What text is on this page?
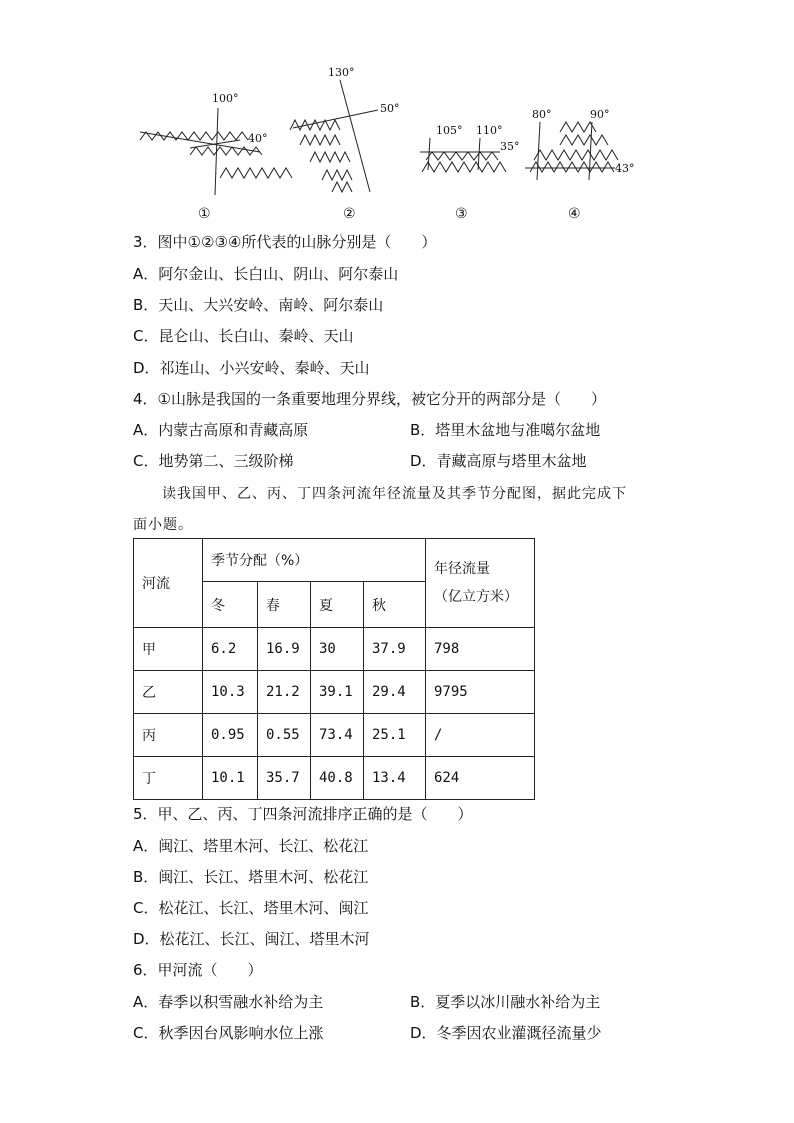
100°
40°
130°
50°
105° 110°
35°
80°	90°
43°
①	②	③	④
3．图中①②③④所代表的山脉分别是（　　）
A．阿尔金山、长白山、阴山、阿尔泰山
B．天山、大兴安岭、南岭、阿尔泰山
C．昆仑山、长白山、秦岭、天山
D．祁连山、小兴安岭、秦岭、天山
4．①山脉是我国的一条重要地理分界线，被它分开的两部分是（　　）
A．内蒙古高原和青藏高原	B．塔里木盆地与准噶尔盆地
C．地势第二、三级阶梯	D．青藏高原与塔里木盆地
读我国甲、乙、丙、丁四条河流年径流量及其季节分配图，据此完成下
面小题。
河流	季节分配（%）				年径流量
（亿立方米）

	冬	春	夏	秋	
甲	6.2	16.9	30	37.9	798
乙	10.3	21.2	39.1	29.4	9795
丙	0.95	0.55	73.4	25.1	/
丁	10.1	35.7	40.8	13.4	624
5．甲、乙、丙、丁四条河流排序正确的是（　　）
A．闽江、塔里木河、长江、松花江
B．闽江、长江、塔里木河、松花江
C．松花江、长江、塔里木河、闽江
D．松花江、长江、闽江、塔里木河
6．甲河流（　　）
A．春季以积雪融水补给为主	B．夏季以冰川融水补给为主
C．秋季因台风影响水位上涨	D．冬季因农业灌溉径流量少
